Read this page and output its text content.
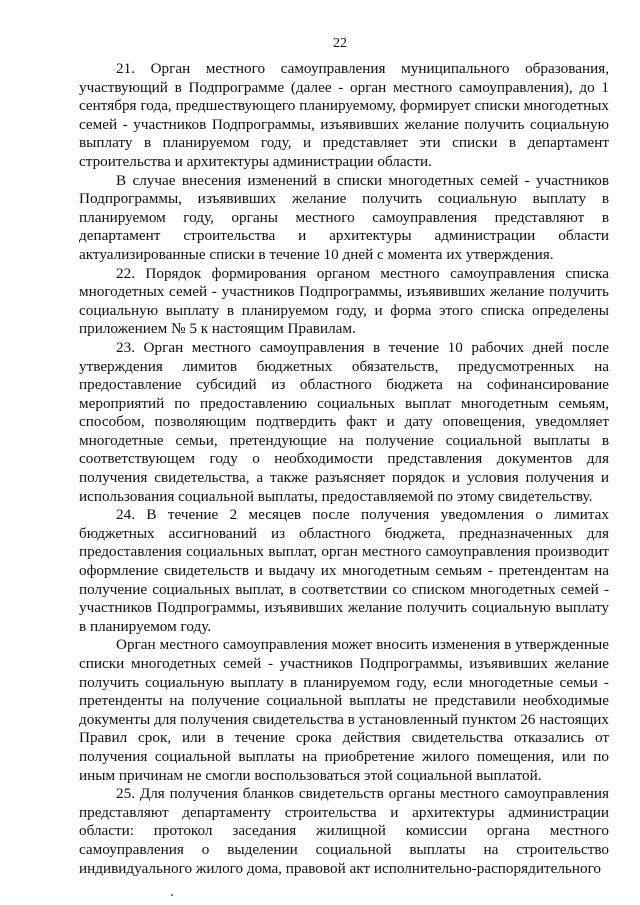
22

21. Орган местного самоуправления муниципального образования, участвующий в Подпрограмме (далее - орган местного самоуправления), до 1 сентября года, предшествующего планируемому, формирует списки многодетных семей - участников Подпрограммы, изъявивших желание получить социальную выплату в планируемом году, и представляет эти списки в департамент строительства и архитектуры администрации области.

В случае внесения изменений в списки многодетных семей - участников Подпрограммы, изъявивших желание получить социальную выплату в планируемом году, органы местного самоуправления представляют в департамент строительства и архитектуры администрации области актуализированные списки в течение 10 дней с момента их утверждения.

22. Порядок формирования органом местного самоуправления списка многодетных семей - участников Подпрограммы, изъявивших желание получить социальную выплату в планируемом году, и форма этого списка определены приложением № 5 к настоящим Правилам.

23. Орган местного самоуправления в течение 10 рабочих дней после утверждения лимитов бюджетных обязательств, предусмотренных на предоставление субсидий из областного бюджета на софинансирование мероприятий по предоставлению социальных выплат многодетным семьям, способом, позволяющим подтвердить факт и дату оповещения, уведомляет многодетные семьи, претендующие на получение социальной выплаты в соответствующем году о необходимости представления документов для получения свидетельства, а также разъясняет порядок и условия получения и использования социальной выплаты, предоставляемой по этому свидетельству.

24. В течение 2 месяцев после получения уведомления о лимитах бюджетных ассигнований из областного бюджета, предназначенных для предоставления социальных выплат, орган местного самоуправления производит оформление свидетельств и выдачу их многодетным семьям - претендентам на получение социальных выплат, в соответствии со списком многодетных семей - участников Подпрограммы, изъявивших желание получить социальную выплату в планируемом году.

Орган местного самоуправления может вносить изменения в утвержденные списки многодетных семей - участников Подпрограммы, изъявивших желание получить социальную выплату в планируемом году, если многодетные семьи - претенденты на получение социальной выплаты не представили необходимые документы для получения свидетельства в установленный пунктом 26 настоящих Правил срок, или в течение срока действия свидетельства отказались от получения социальной выплаты на приобретение жилого помещения, или по иным причинам не смогли воспользоваться этой социальной выплатой.

25. Для получения бланков свидетельств органы местного самоуправления представляют департаменту строительства и архитектуры администрации области: протокол заседания жилищной комиссии органа местного самоуправления о выделении социальной выплаты на строительство индивидуального жилого дома, правовой акт исполнительно-распорядительного
